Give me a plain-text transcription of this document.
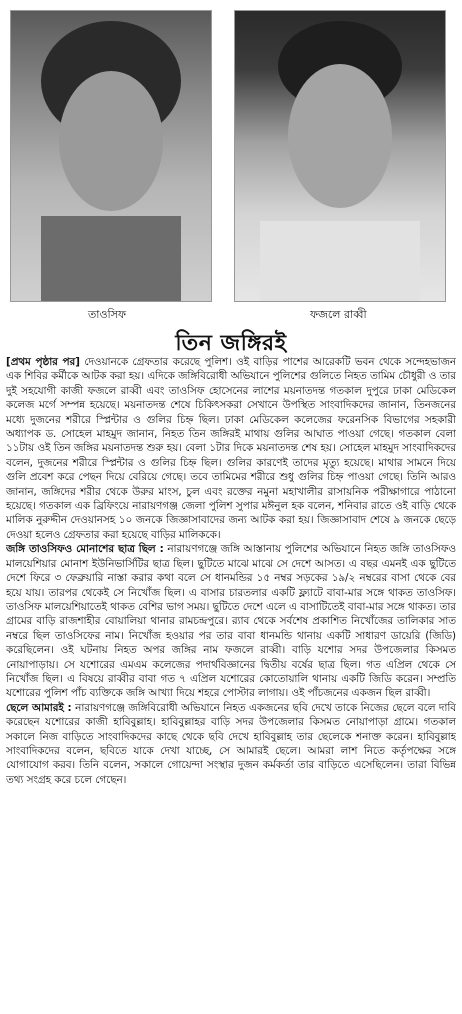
তাওসিফ	ফজলে রাব্বী
তিন জঙ্গিরই

[প্রথম পৃষ্ঠার পর] দেওয়ানকে গ্রেফতার করেছে পুলিশ। ওই বাড়ির পাশের আরেকটি ভবন থেকে সন্দেহভাজন এক শিবির কর্মীকে আটক করা হয়। এদিকে জঙ্গিবিরোধী অভিযানে পুলিশের গুলিতে নিহত তামিম চৌধুরী ও তার দুই সহযোগী কাজী ফজলে রাব্বী এবং তাওসিফ হোসেনের লাশের ময়নাতদন্ত গতকাল দুপুরে ঢাকা মেডিকেল কলেজ মর্গে সম্পন্ন হয়েছে। ময়নাতদন্ত শেষে চিকিৎসকরা সেখানে উপস্থিত সাংবাদিকদের জানান, তিনজনের মধ্যে দুজনের শরীরে স্প্লিন্টার ও গুলির চিহ্ন ছিল। ঢাকা মেডিকেল কলেজের ফরেনসিক বিভাগের সহকারী অধ্যাপক ড. সোহেল মাহমুদ জানান, নিহত তিন জঙ্গিরই মাথায় গুলির আঘাত পাওয়া গেছে। গতকাল বেলা ১১টায় ওই তিন জঙ্গির ময়নাতদন্ত শুরু হয়। বেলা ১টার দিকে ময়নাতদন্ত শেষ হয়। সোহেল মাহমুদ সাংবাদিকদের বলেন, দুজনের শরীরে স্প্লিন্টার ও গুলির চিহ্ন ছিল। গুলির কারণেই তাদের মৃত্যু হয়েছে। মাথার সামনে দিয়ে গুলি প্রবেশ করে পেছন দিয়ে বেরিয়ে গেছে। তবে তামিমের শরীরে শুধু গুলির চিহ্ন পাওয়া গেছে। তিনি আরও জানান, জঙ্গিদের শরীর থেকে উরুর মাংস, চুল এবং রক্তের নমুনা মহাখালীর রাসায়নিক পরীক্ষাগারে পাঠানো হয়েছে। গতকাল এক ব্রিফিংয়ে নারায়ণগঞ্জ জেলা পুলিশ সুপার মঈনুল হক বলেন, শনিবার রাতে ওই বাড়ি থেকে মালিক নুরুদ্দীন দেওয়ানসহ ১০ জনকে জিজ্ঞাসাবাদের জন্য আটক করা হয়। জিজ্ঞাসাবাদ শেষে ৯ জনকে ছেড়ে দেওয়া হলেও গ্রেফতার করা হয়েছে বাড়ির মালিককে।

জঙ্গি তাওসিফও মোনাশের ছাত্র ছিল : নারায়ণগঞ্জে জঙ্গি আস্তানায় পুলিশের অভিযানে নিহত জঙ্গি তাওসিফও মালয়েশিয়ার মোনাশ ইউনিভার্সিটির ছাত্র ছিল। ছুটিতে মাঝে মাঝে সে দেশে আসত। এ বছর এমনই এক ছুটিতে দেশে ফিরে ৩ ফেব্রুয়ারি নাস্তা করার কথা বলে সে ধানমন্ডির ১৫ নম্বর সড়কের ১৯/২ নম্বরের বাসা থেকে বের হয়ে যায়। তারপর থেকেই সে নিখোঁজ ছিল। এ বাসার চারতলার একটি ফ্ল্যাটে বাবা-মার সঙ্গে থাকত তাওসিফ। তাওসিফ মালয়েশিয়াতেই থাকত বেশির ভাগ সময়। ছুটিতে দেশে এলে এ বাসাটিতেই বাবা-মার সঙ্গে থাকত। তার গ্রামের বাড়ি রাজশাহীর বোয়ালিয়া থানার রামচন্দ্রপুরে। র‌্যাব থেকে সর্বশেষ প্রকাশিত নিখোঁজের তালিকার সাত নম্বরে ছিল তাওসিফের নাম। নিখোঁজ হওয়ার পর তার বাবা ধানমন্ডি থানায় একটি সাধারণ ডায়েরি (জিডি) করেছিলেন। ওই ঘটনায় নিহত অপর জঙ্গির নাম ফজলে রাব্বী। বাড়ি যশোর সদর উপজেলার কিসমত নোয়াপাড়ায়। সে যশোরের এমএম কলেজের পদার্থবিজ্ঞানের দ্বিতীয় বর্ষের ছাত্র ছিল। গত এপ্রিল থেকে সে নিখোঁজ ছিল। এ বিষয়ে রাব্বীর বাবা গত ৭ এপ্রিল যশোরের কোতোয়ালি থানায় একটি জিডি করেন। সম্প্রতি যশোরের পুলিশ পাঁচ ব্যক্তিকে জঙ্গি আখ্যা দিয়ে শহরে পোস্টার লাগায়। ওই পাঁচজনের একজন ছিল রাব্বী।

ছেলে আমারই : নারায়ণগঞ্জে জঙ্গিবিরোধী অভিযানে নিহত একজনের ছবি দেখে তাকে নিজের ছেলে বলে দাবি করেছেন যশোরের কাজী হাবিবুল্লাহ। হাবিবুল্লাহর বাড়ি সদর উপজেলার কিসমত নোয়াপাড়া গ্রামে। গতকাল সকালে নিজ বাড়িতে সাংবাদিকদের কাছে থেকে ছবি দেখে হাবিবুল্লাহ তার ছেলেকে শনাক্ত করেন। হাবিবুল্লাহ সাংবাদিকদের বলেন, ছবিতে যাকে দেখা যাচ্ছে, সে আমারই ছেলে। আমরা লাশ নিতে কর্তৃপক্ষের সঙ্গে যোগাযোগ করব। তিনি বলেন, সকালে গোয়েন্দা সংস্থার দুজন কর্মকর্তা তার বাড়িতে এসেছিলেন। তারা বিভিন্ন তথ্য সংগ্রহ করে চলে গেছেন।
